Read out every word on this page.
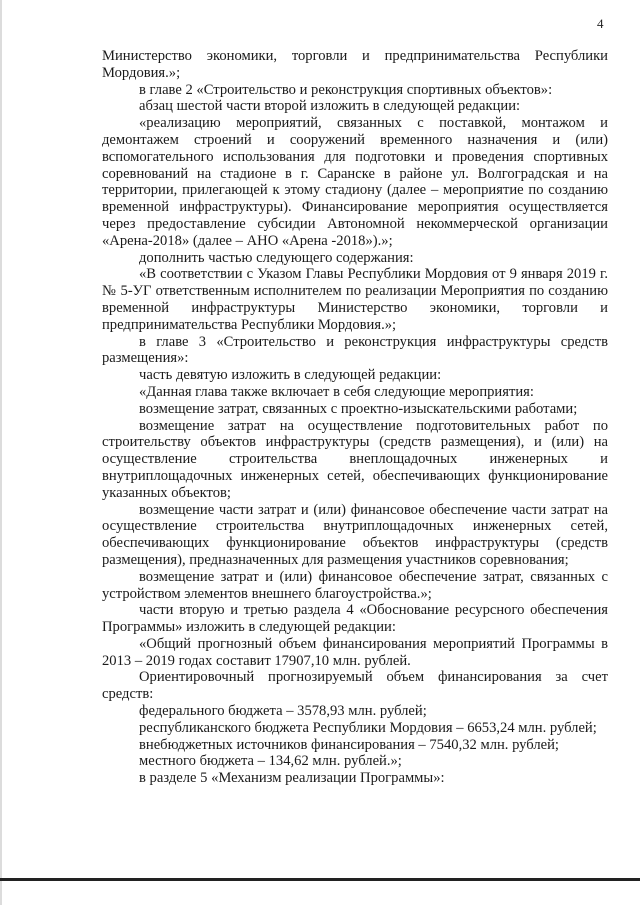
4

Министерство экономики, торговли и предпринимательства Республики Мордовия.»;

в главе 2 «Строительство и реконструкция спортивных объектов»:

абзац шестой части второй изложить в следующей редакции:

«реализацию мероприятий, связанных с поставкой, монтажом и демонтажем строений и сооружений временного назначения и (или) вспомогательного использования для подготовки и проведения спортивных соревнований на стадионе в г. Саранске в районе ул. Волгоградская и на территории, прилегающей к этому стадиону (далее – мероприятие по созданию временной инфраструктуры). Финансирование мероприятия осуществляется через предоставление субсидии Автономной некоммерческой организации «Арена-2018» (далее – АНО «Арена -2018»).»;

дополнить частью следующего содержания:

«В соответствии с Указом Главы Республики Мордовия от 9 января 2019 г. № 5-УГ ответственным исполнителем по реализации Мероприятия по созданию временной инфраструктуры Министерство экономики, торговли и предпринимательства Республики Мордовия.»;

в главе 3 «Строительство и реконструкция инфраструктуры средств размещения»:

часть девятую изложить в следующей редакции:

«Данная глава также включает в себя следующие мероприятия:

возмещение затрат, связанных с проектно-изыскательскими работами;

возмещение затрат на осуществление подготовительных работ по строительству объектов инфраструктуры (средств размещения), и (или) на осуществление строительства внеплощадочных инженерных и внутриплощадочных инженерных сетей, обеспечивающих функционирование указанных объектов;

возмещение части затрат и (или) финансовое обеспечение части затрат на осуществление строительства внутриплощадочных инженерных сетей, обеспечивающих функционирование объектов инфраструктуры (средств размещения), предназначенных для размещения участников соревнования;

возмещение затрат и (или) финансовое обеспечение затрат, связанных с устройством элементов внешнего благоустройства.»;

части вторую и третью раздела 4 «Обоснование ресурсного обеспечения Программы» изложить в следующей редакции:

«Общий прогнозный объем финансирования мероприятий Программы в 2013 – 2019 годах составит 17907,10 млн. рублей.

Ориентировочный прогнозируемый объем финансирования за счет средств:

федерального бюджета – 3578,93 млн. рублей;

республиканского бюджета Республики Мордовия – 6653,24 млн. рублей;

внебюджетных источников финансирования – 7540,32 млн. рублей;

местного бюджета – 134,62 млн. рублей.»;

в разделе 5 «Механизм реализации Программы»:
